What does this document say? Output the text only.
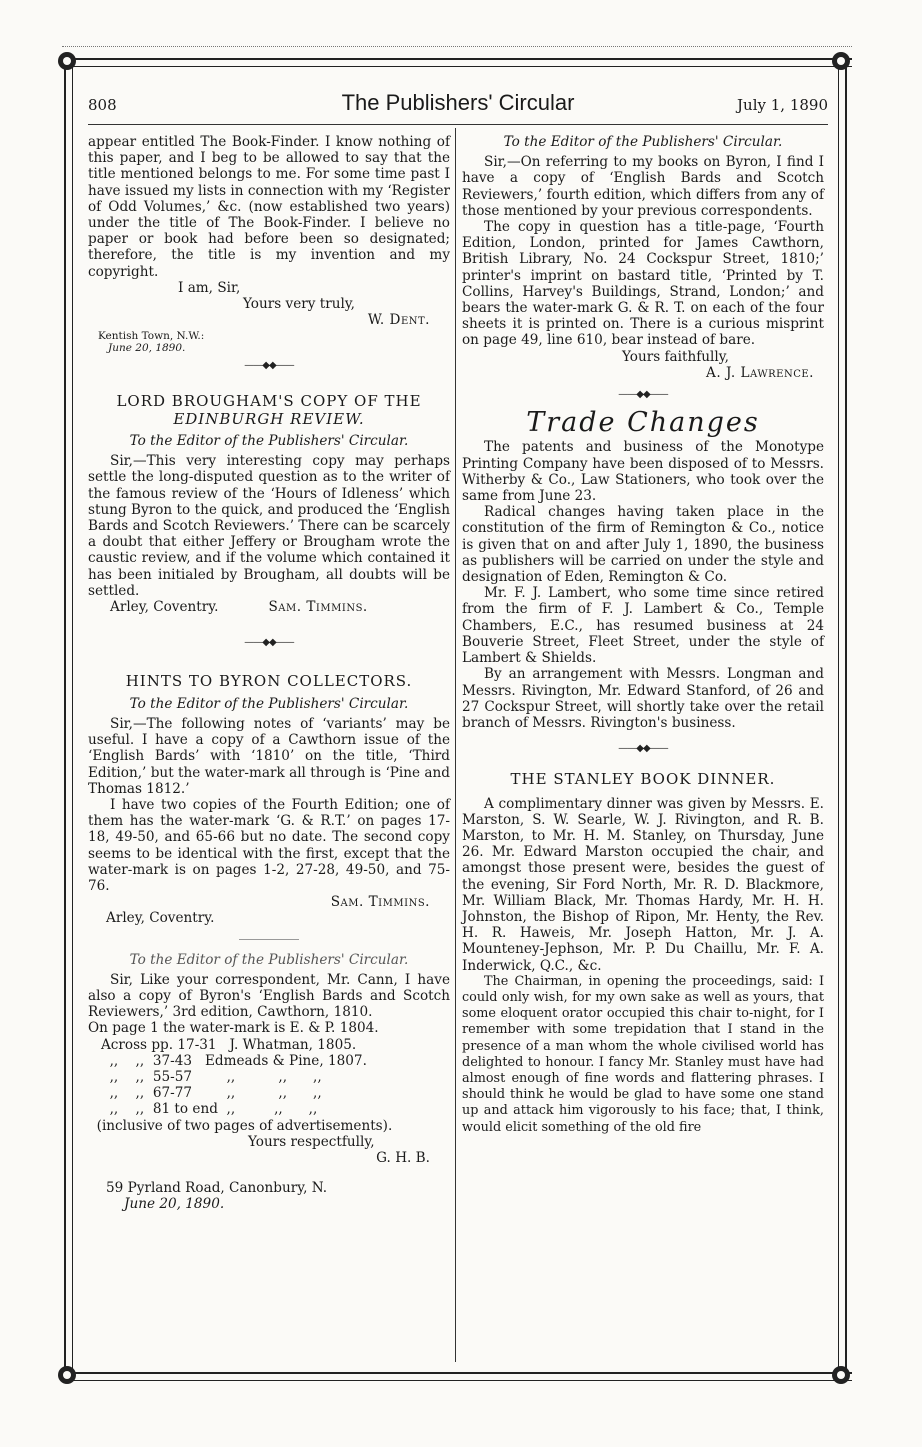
The Publishers' Circular
808	July 1, 1890

appear entitled The Book-Finder. I know nothing of this paper, and I beg to be allowed to say that the title mentioned belongs to me. For some time past I have issued my lists in connection with my ‘Register of Odd Volumes,’ &c. (now established two years) under the title of The Book-Finder. I believe no paper or book had before been so designated; therefore, the title is my invention and my copyright.

I am, Sir,

Yours very truly,

W. Dent.

Kentish Town, N.W.:

June 20, 1890.

——◆◆——
LORD BROUGHAM'S COPY OF THE
EDINBURGH REVIEW.

To the Editor of the Publishers' Circular.

Sir,—This very interesting copy may perhaps settle the long-disputed question as to the writer of the famous review of the ‘Hours of Idleness’ which stung Byron to the quick, and produced the ‘English Bards and Scotch Reviewers.’ There can be scarcely a doubt that either Jeffery or Brougham wrote the caustic review, and if the volume which contained it has been initialed by Brougham, all doubts will be settled.

Arley, Coventry.	Sam. Timmins.

——◆◆——
HINTS TO BYRON COLLECTORS.

To the Editor of the Publishers' Circular.

Sir,—The following notes of ‘variants’ may be useful. I have a copy of a Cawthorn issue of the ‘English Bards’ with ‘1810’ on the title, ‘Third Edition,’ but the water-mark all through is ‘Pine and Thomas 1812.’

I have two copies of the Fourth Edition; one of them has the water-mark ‘G. & R.T.’ on pages 17-18, 49-50, and 65-66 but no date. The second copy seems to be identical with the first, except that the water-mark is on pages 1-2, 27-28, 49-50, and 75-76.

Sam. Timmins.

Arley, Coventry.

To the Editor of the Publishers' Circular.

Sir, Like your correspondent, Mr. Cann, I have also a copy of Byron's ‘English Bards and Scotch Reviewers,’ 3rd edition, Cawthorn, 1810.

On page 1 the water-mark is E. & P. 1804.
Across pp. 17-31   J. Whatman, 1805.
,,    ,,  37-43   Edmeads & Pine, 1807.
,,    ,,  55-57        ,,          ,,      ,,
,,    ,,  67-77        ,,          ,,      ,,
,,    ,,  81 to end  ,,         ,,      ,,
(inclusive of two pages of advertisements).

Yours respectfully,

G. H. B.

59 Pyrland Road, Canonbury, N.

June 20, 1890.

To the Editor of the Publishers' Circular.

Sir,—On referring to my books on Byron, I find I have a copy of ‘English Bards and Scotch Reviewers,’ fourth edition, which differs from any of those mentioned by your previous correspondents.

The copy in question has a title-page, ‘Fourth Edition, London, printed for James Cawthorn, British Library, No. 24 Cockspur Street, 1810;’ printer's imprint on bastard title, ‘Printed by T. Collins, Harvey's Buildings, Strand, London;’ and bears the water-mark G. & R. T. on each of the four sheets it is printed on. There is a curious misprint on page 49, line 610, bear instead of bare.

Yours faithfully,

A. J. Lawrence.

——◆◆——
Trade Changes

The patents and business of the Monotype Printing Company have been disposed of to Messrs. Witherby & Co., Law Stationers, who took over the same from June 23.

Radical changes having taken place in the constitution of the firm of Remington & Co., notice is given that on and after July 1, 1890, the business as publishers will be carried on under the style and designation of Eden, Remington & Co.

Mr. F. J. Lambert, who some time since retired from the firm of F. J. Lambert & Co., Temple Chambers, E.C., has resumed business at 24 Bouverie Street, Fleet Street, under the style of Lambert & Shields.

By an arrangement with Messrs. Longman and Messrs. Rivington, Mr. Edward Stanford, of 26 and 27 Cockspur Street, will shortly take over the retail branch of Messrs. Rivington's business.

——◆◆——
THE STANLEY BOOK DINNER.

A complimentary dinner was given by Messrs. E. Marston, S. W. Searle, W. J. Rivington, and R. B. Marston, to Mr. H. M. Stanley, on Thursday, June 26. Mr. Edward Marston occupied the chair, and amongst those present were, besides the guest of the evening, Sir Ford North, Mr. R. D. Blackmore, Mr. William Black, Mr. Thomas Hardy, Mr. H. H. Johnston, the Bishop of Ripon, Mr. Henty, the Rev. H. R. Haweis, Mr. Joseph Hatton, Mr. J. A. Mounteney-Jephson, Mr. P. Du Chaillu, Mr. F. A. Inderwick, Q.C., &c.

The Chairman, in opening the proceedings, said: I could only wish, for my own sake as well as yours, that some eloquent orator occupied this chair to-night, for I remember with some trepidation that I stand in the presence of a man whom the whole civilised world has delighted to honour. I fancy Mr. Stanley must have had almost enough of fine words and flattering phrases. I should think he would be glad to have some one stand up and attack him vigorously to his face; that, I think, would elicit something of the old fire
